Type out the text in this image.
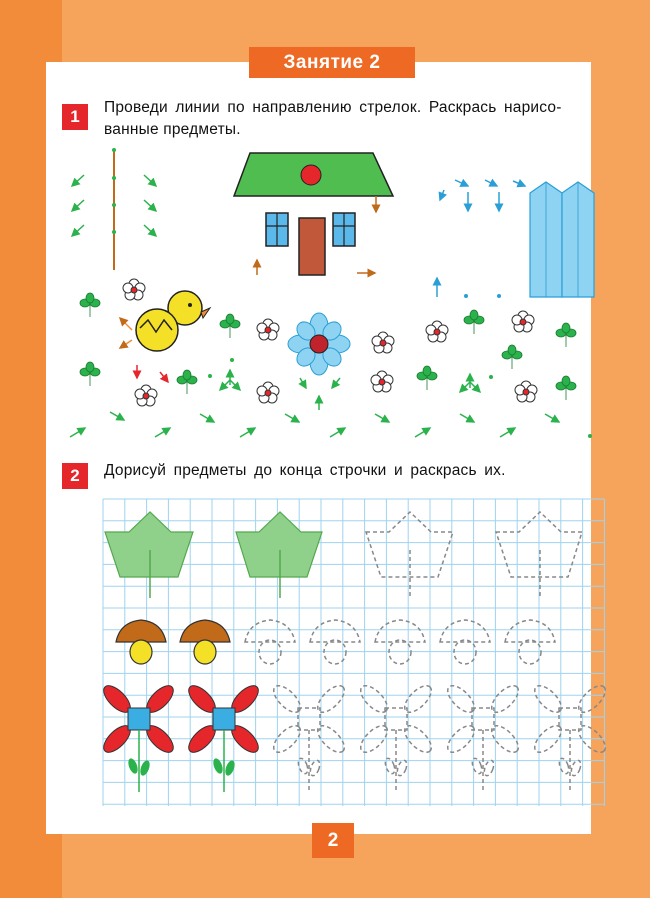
Занятие 2
1	Проведи линии по направлению стрелок. Раскрась нарисо-
ванные предметы.
2	Дорисуй предметы до конца строчки и раскрась их.
2
